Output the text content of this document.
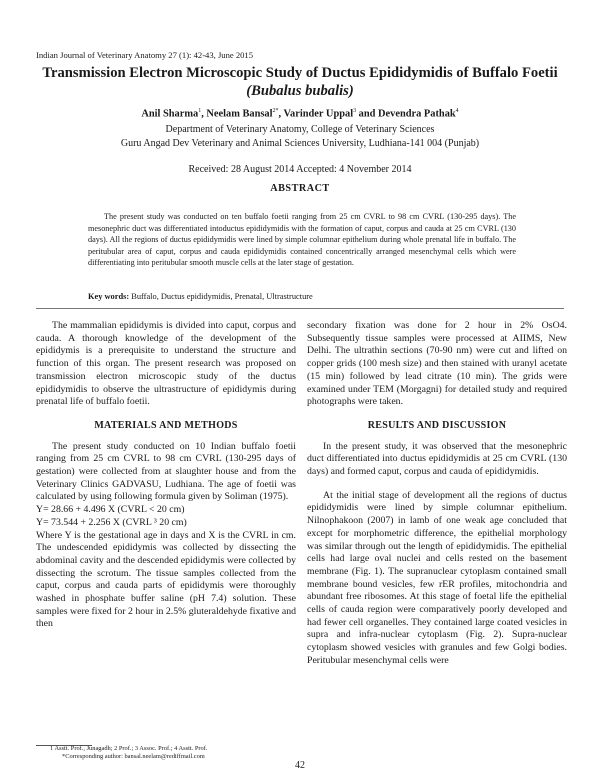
Indian Journal of Veterinary Anatomy 27 (1): 42-43, June 2015
Transmission Electron Microscopic Study of Ductus Epididymidis of Buffalo Foetii
(Bubalus bubalis)
Anil Sharma$^1$, Neelam Bansal$^{2*}$, Varinder Uppal$^3$ and Devendra Pathak$^4$
Department of Veterinary Anatomy, College of Veterinary Sciences
Guru Angad Dev Veterinary and Animal Sciences University, Ludhiana-141 004 (Punjab)
Received: 28 August 2014 Accepted: 4 November 2014
ABSTRACT
The present study was conducted on ten buffalo foetii ranging from 25 cm CVRL to 98 cm CVRL (130-295 days). The mesonephric duct was differentiated intoductus epididymidis with the formation of caput, corpus and cauda at 25 cm CVRL (130 days). All the regions of ductus epididymidis were lined by simple columnar epithelium during whole prenatal life in buffalo. The peritubular area of caput, corpus and cauda epididymidis contained concentrically arranged mesenchymal cells which were differentiating into peritubular smooth muscle cells at the later stage of gestation.
Key words: Buffalo, Ductus epididymidis, Prenatal, Ultrastructure

The mammalian epididymis is divided into caput, corpus and cauda. A thorough knowledge of the development of the epididymis is a prerequisite to understand the structure and function of this organ. The present research was proposed on transmission electron microscopic study of the ductus epididymidis to observe the ultrastructure of epididymis during prenatal life of buffalo foetii.

MATERIALS AND METHODS

The present study conducted on 10 Indian buffalo foetii ranging from 25 cm CVRL to 98 cm CVRL (130-295 days of gestation) were collected from at slaughter house and from the Veterinary Clinics GADVASU, Ludhiana. The age of foetii was calculated by using following formula given by Soliman (1975).

Y= 28.66 + 4.496 X (CVRL < 20 cm)

Y= 73.544 + 2.256 X (CVRL ³ 20 cm)

Where Y is the gestational age in days and X is the CVRL in cm. The undescended epididymis was collected by dissecting the abdominal cavity and the descended epididymis were collected by dissecting the scrotum. The tissue samples collected from the caput, corpus and cauda parts of epididymis were thoroughly washed in phosphate buffer saline (pH 7.4) solution. These samples were fixed for 2 hour in 2.5% gluteraldehyde fixative and then

secondary fixation was done for 2 hour in 2% OsO4. Subsequently tissue samples were processed at AIIMS, New Delhi. The ultrathin sections (70-90 nm) were cut and lifted on copper grids (100 mesh size) and then stained with uranyl acetate (15 min) followed by lead citrate (10 min). The grids were examined under TEM (Morgagni) for detailed study and required photographs were taken.

RESULTS AND DISCUSSION

In the present study, it was observed that the mesonephric duct differentiated into ductus epididymidis at 25 cm CVRL (130 days) and formed caput, corpus and cauda of epididymidis.

At the initial stage of development all the regions of ductus epididymidis were lined by simple columnar epithelium. Nilnophakoon (2007) in lamb of one weak age concluded that except for morphometric difference, the epithelial morphology was similar through out the length of epididymidis. The epithelial cells had large oval nuclei and cells rested on the basement membrane (Fig. 1). The supranuclear cytoplasm contained small membrane bound vesicles, few rER profiles, mitochondria and abundant free ribosomes. At this stage of foetal life the epithelial cells of cauda region were comparatively poorly developed and had fewer cell organelles. They contained large coated vesicles in supra and infra-nuclear cytoplasm (Fig. 2). Supra-nuclear cytoplasm showed vesicles with granules and few Golgi bodies. Peritubular mesenchymal cells were

1 Asstt. Prof., Junagadh; 2 Prof.; 3 Assoc. Prof.; 4 Asstt. Prof.
*Corresponding author: bansal.neelam@rediffmail.com
42
